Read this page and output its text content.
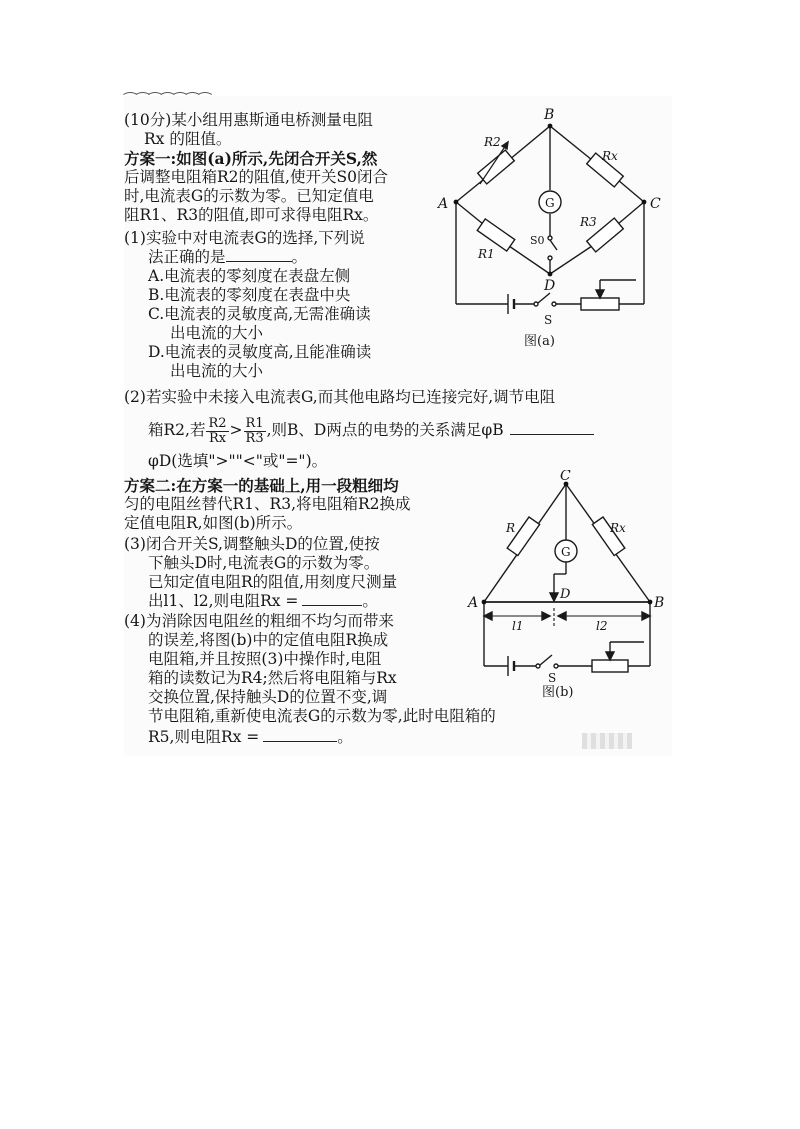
⁀⁀⁀⁀⁀⁀⁀
(10分)某小组用惠斯通电桥测量电阻
Rx 的阻值。
方案一:如图(a)所示,先闭合开关S,然
后调整电阻箱R2的阻值,使开关S0闭合
时,电流表G的示数为零。已知定值电
阻R1、R3的阻值,即可求得电阻Rx。
(1)实验中对电流表G的选择,下列说
法正确的是	。
A.电流表的零刻度在表盘左侧
B.电流表的零刻度在表盘中央
C.电流表的灵敏度高,无需准确读
出电流的大小
D.电流表的灵敏度高,且能准确读
出电流的大小
(2)若实验中未接入电流表G,而其他电路均已连接完好,调节电阻
箱R2,若 $\frac{R2}{Rx} > \frac{R1}{R3}$ ,则B、D两点的电势的关系满足φB
φD(选填">""<"或"=")。
方案二:在方案一的基础上,用一段粗细均
匀的电阻丝替代R1、R3,将电阻箱R2换成
定值电阻R,如图(b)所示。
(3)闭合开关S,调整触头D的位置,使按
下触头D时,电流表G的示数为零。
已知定值电阻R的阻值,用刻度尺测量
出l1、l2,则电阻Rx =	。
(4)为消除因电阻丝的粗细不均匀而带来
的误差,将图(b)中的定值电阻R换成
电阻箱,并且按照(3)中操作时,电阻
箱的读数记为R4;然后将电阻箱与Rx
交换位置,保持触头D的位置不变,调
节电阻箱,重新使电流表G的示数为零,此时电阻箱的
R5,则电阻Rx =	。
B
A	C
D
R2
Rx
R3
R1
G
S0
S
图(a)
C
A	B
D
R	Rx
G
l1	l2
S
图(b)
